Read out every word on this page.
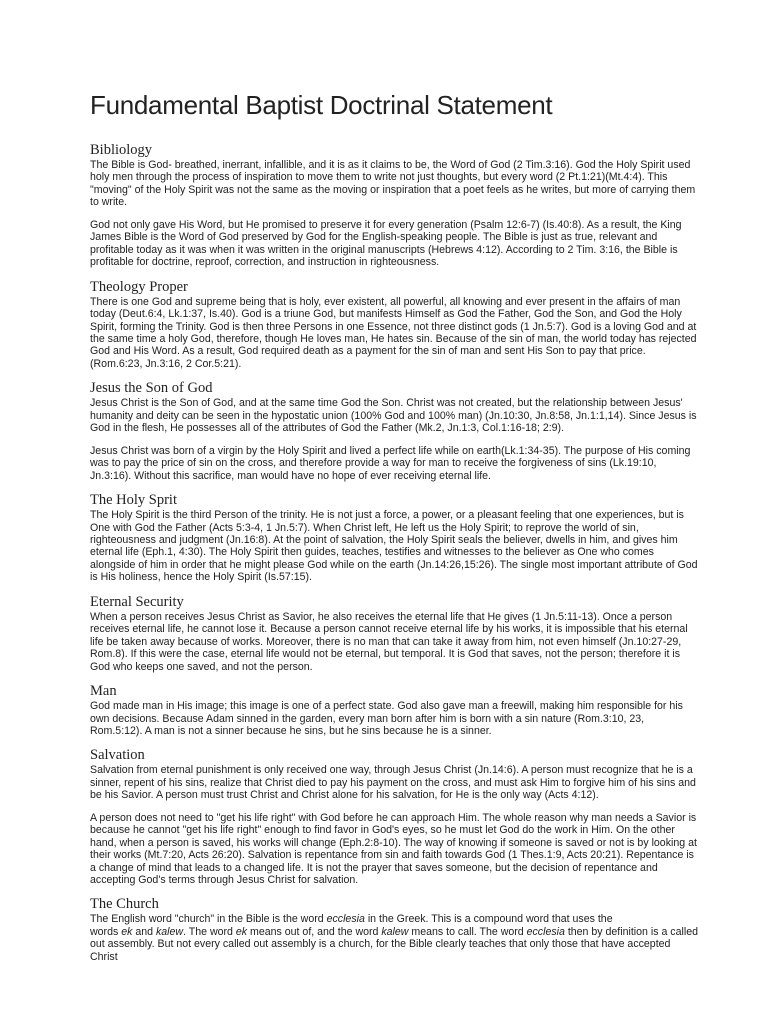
Fundamental Baptist Doctrinal Statement
Bibliology

The Bible is God- breathed, inerrant, infallible, and it is as it claims to be, the Word of God (2 Tim.3:16). God the Holy Spirit used holy men through the process of inspiration to move them to write not just thoughts, but every word (2 Pt.1:21)(Mt.4:4). This "moving" of the Holy Spirit was not the same as the moving or inspiration that a poet feels as he writes, but more of carrying them to write.

God not only gave His Word, but He promised to preserve it for every generation (Psalm 12:6-7) (Is.40:8). As a result, the King James Bible is the Word of God preserved by God for the English-speaking people. The Bible is just as true, relevant and profitable today as it was when it was written in the original manuscripts (Hebrews 4:12). According to 2 Tim. 3:16, the Bible is profitable for doctrine, reproof, correction, and instruction in righteousness.

Theology Proper

There is one God and supreme being that is holy, ever existent, all powerful, all knowing and ever present in the affairs of man today (Deut.6:4, Lk.1:37, Is.40). God is a triune God, but manifests Himself as God the Father, God the Son, and God the Holy Spirit, forming the Trinity. God is then three Persons in one Essence, not three distinct gods (1 Jn.5:7). God is a loving God and at the same time a holy God, therefore, though He loves man, He hates sin. Because of the sin of man, the world today has rejected God and His Word. As a result, God required death as a payment for the sin of man and sent His Son to pay that price. (Rom.6:23, Jn.3:16, 2 Cor.5:21).

Jesus the Son of God

Jesus Christ is the Son of God, and at the same time God the Son. Christ was not created, but the relationship between Jesus' humanity and deity can be seen in the hypostatic union (100% God and 100% man) (Jn.10:30, Jn.8:58, Jn.1:1,14). Since Jesus is God in the flesh, He possesses all of the attributes of God the Father (Mk.2, Jn.1:3, Col.1:16-18; 2:9).

Jesus Christ was born of a virgin by the Holy Spirit and lived a perfect life while on earth(Lk.1:34-35). The purpose of His coming was to pay the price of sin on the cross, and therefore provide a way for man to receive the forgiveness of sins (Lk.19:10, Jn.3:16). Without this sacrifice, man would have no hope of ever receiving eternal life.

The Holy Sprit

The Holy Spirit is the third Person of the trinity. He is not just a force, a power, or a pleasant feeling that one experiences, but is One with God the Father (Acts 5:3-4, 1 Jn.5:7). When Christ left, He left us the Holy Spirit; to reprove the world of sin, righteousness and judgment (Jn.16:8). At the point of salvation, the Holy Spirit seals the believer, dwells in him, and gives him eternal life (Eph.1, 4:30). The Holy Spirit then guides, teaches, testifies and witnesses to the believer as One who comes alongside of him in order that he might please God while on the earth (Jn.14:26,15:26). The single most important attribute of God is His holiness, hence the Holy Spirit (Is.57:15).

Eternal Security

When a person receives Jesus Christ as Savior, he also receives the eternal life that He gives (1 Jn.5:11-13). Once a person receives eternal life, he cannot lose it. Because a person cannot receive eternal life by his works, it is impossible that his eternal life be taken away because of works. Moreover, there is no man that can take it away from him, not even himself (Jn.10:27-29, Rom.8). If this were the case, eternal life would not be eternal, but temporal. It is God that saves, not the person; therefore it is God who keeps one saved, and not the person.

Man

God made man in His image; this image is one of a perfect state. God also gave man a freewill, making him responsible for his own decisions. Because Adam sinned in the garden, every man born after him is born with a sin nature (Rom.3:10, 23, Rom.5:12). A man is not a sinner because he sins, but he sins because he is a sinner.

Salvation

Salvation from eternal punishment is only received one way, through Jesus Christ (Jn.14:6). A person must recognize that he is a sinner, repent of his sins, realize that Christ died to pay his payment on the cross, and must ask Him to forgive him of his sins and be his Savior. A person must trust Christ and Christ alone for his salvation, for He is the only way (Acts 4:12).

A person does not need to "get his life right" with God before he can approach Him. The whole reason why man needs a Savior is because he cannot "get his life right" enough to find favor in God's eyes, so he must let God do the work in Him. On the other hand, when a person is saved, his works will change (Eph.2:8-10). The way of knowing if someone is saved or not is by looking at their works (Mt.7:20, Acts 26:20). Salvation is repentance from sin and faith towards God (1 Thes.1:9, Acts 20:21). Repentance is a change of mind that leads to a changed life. It is not the prayer that saves someone, but the decision of repentance and accepting God's terms through Jesus Christ for salvation.

The Church

The English word "church" in the Bible is the word ecclesia in the Greek. This is a compound word that uses the
words ek and kalew. The word ek means out of, and the word kalew means to call. The word ecclesia then by definition is a called out assembly. But not every called out assembly is a church, for the Bible clearly teaches that only those that have accepted Christ
